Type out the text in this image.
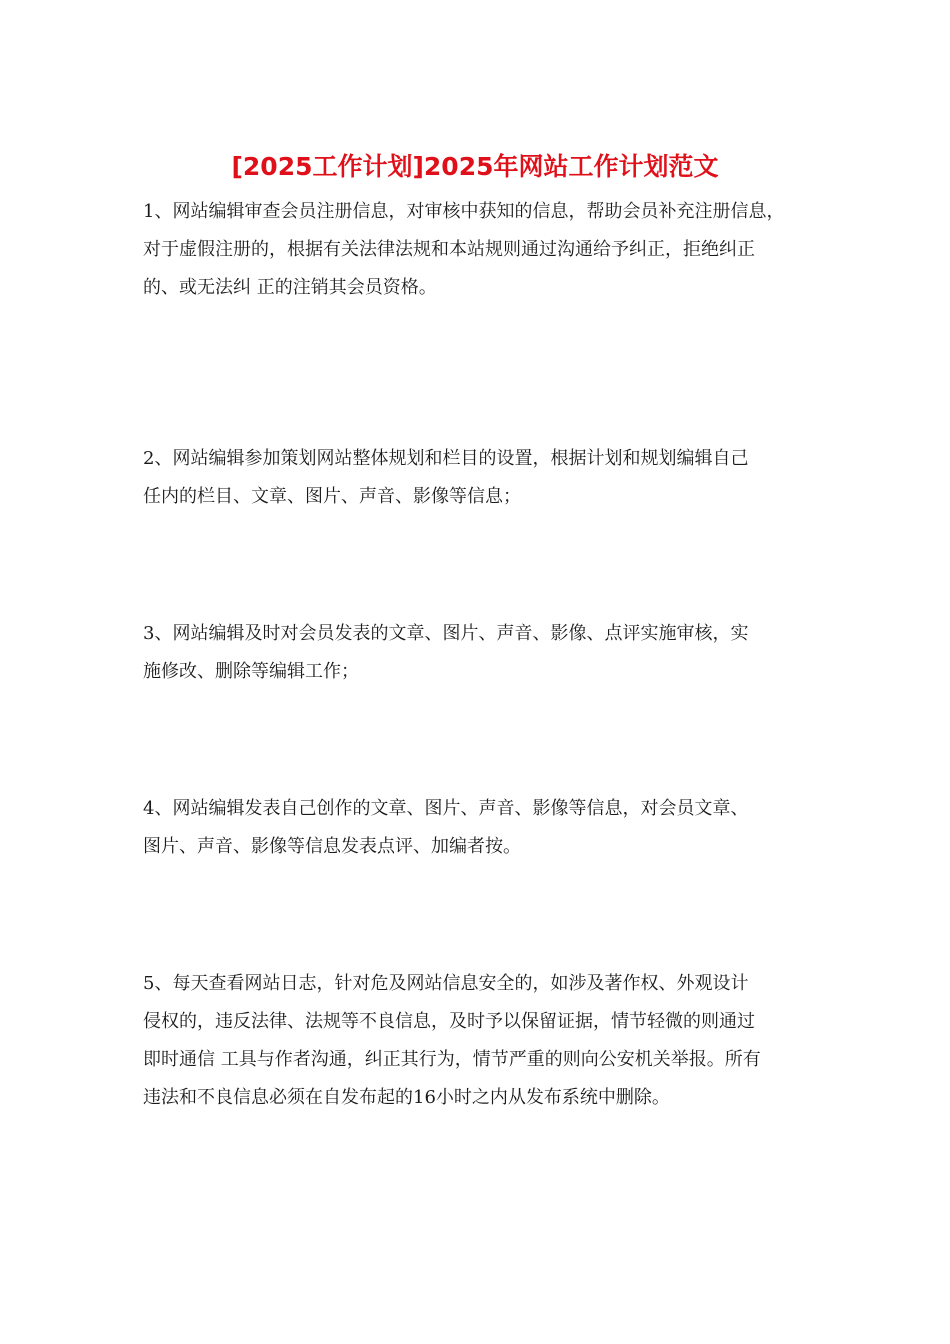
[2025工作计划]2025年网站工作计划范文
1、网站编辑审查会员注册信息，对审核中获知的信息，帮助会员补充注册信息，
对于虚假注册的，根据有关法律法规和本站规则通过沟通给予纠正，拒绝纠正
的、或无法纠 正的注销其会员资格。
2、网站编辑参加策划网站整体规划和栏目的设置，根据计划和规划编辑自己
任内的栏目、文章、图片、声音、影像等信息；
3、网站编辑及时对会员发表的文章、图片、声音、影像、点评实施审核，实
施修改、删除等编辑工作；
4、网站编辑发表自己创作的文章、图片、声音、影像等信息，对会员文章、
图片、声音、影像等信息发表点评、加编者按。
5、每天查看网站日志，针对危及网站信息安全的，如涉及著作权、外观设计
侵权的，违反法律、法规等不良信息，及时予以保留证据，情节轻微的则通过
即时通信 工具与作者沟通，纠正其行为，情节严重的则向公安机关举报。所有
违法和不良信息必须在自发布起的16小时之内从发布系统中删除。
